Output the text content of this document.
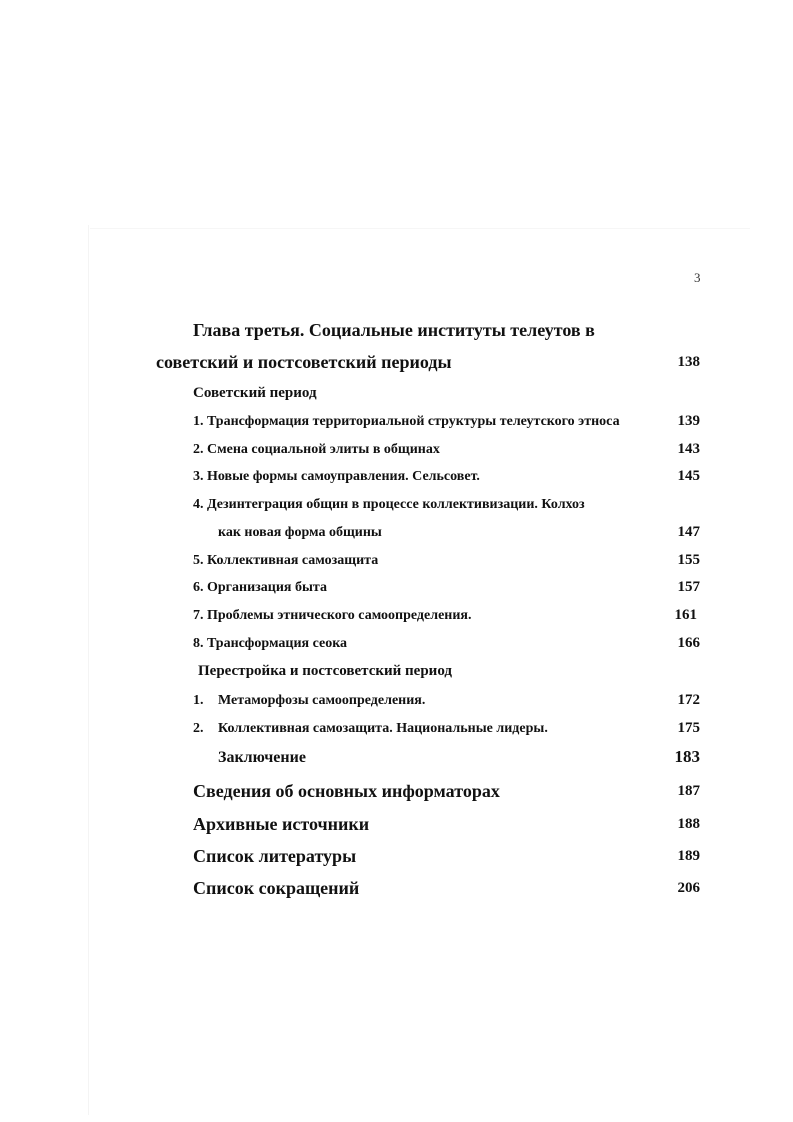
3
Глава третья. Социальные институты телеутов в
советский и постсоветский периоды	138
Советский период
1. Трансформация территориальной структуры телеутского этноса	139
2. Смена социальной элиты в общинах	143
3. Новые формы самоуправления. Сельсовет.	145
4. Дезинтеграция общин в процессе коллективизации. Колхоз
как новая форма общины	147
5. Коллективная самозащита	155
6. Организация быта	157
7. Проблемы этнического самоопределения.	161
8. Трансформация сеока	166
Перестройка и постсоветский период
1. Метаморфозы самоопределения.	172
2. Коллективная самозащита. Национальные лидеры.	175
Заключение	183
Сведения об основных информаторах	187
Архивные источники	188
Список литературы	189
Список сокращений	206
